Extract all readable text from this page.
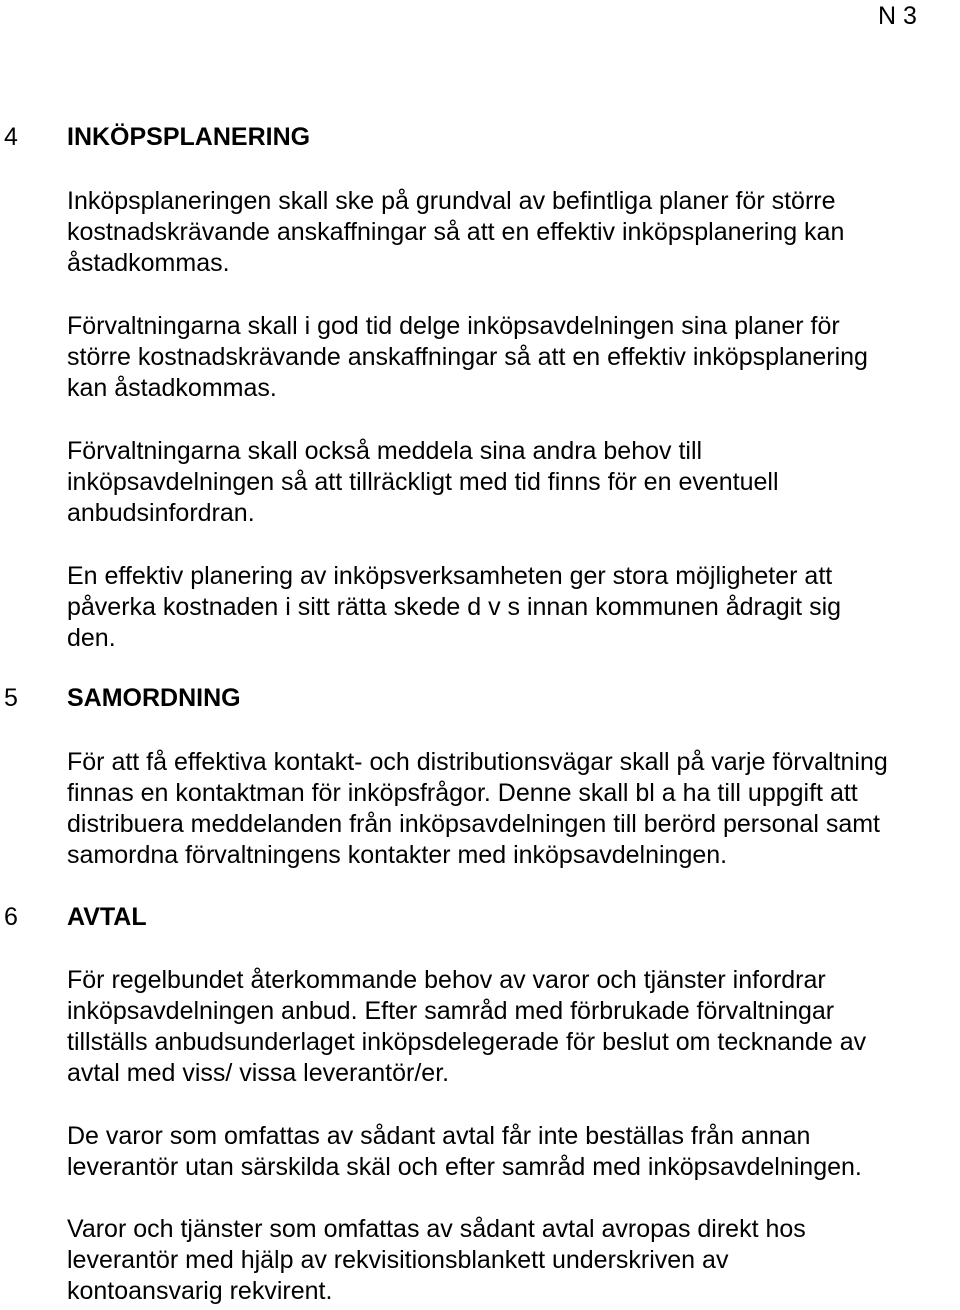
N 3
4 INKÖPSPLANERING
Inköpsplaneringen skall ske på grundval av befintliga planer för större
kostnadskrävande anskaffningar så att en effektiv inköpsplanering kan
åstadkommas.
Förvaltningarna skall i god tid delge inköpsavdelningen sina planer för
större kostnadskrävande anskaffningar så att en effektiv inköpsplanering
kan åstadkommas.
Förvaltningarna skall också meddela sina andra behov till
inköpsavdelningen så att tillräckligt med tid finns för en eventuell
anbudsinfordran.
En effektiv planering av inköpsverksamheten ger stora möjligheter att
påverka kostnaden i sitt rätta skede d v s innan kommunen ådragit sig
den.
5 SAMORDNING
För att få effektiva kontakt- och distributionsvägar skall på varje förvaltning
finnas en kontaktman för inköpsfrågor. Denne skall bl a ha till uppgift att
distribuera meddelanden från inköpsavdelningen till berörd personal samt
samordna förvaltningens kontakter med inköpsavdelningen.
6 AVTAL
För regelbundet återkommande behov av varor och tjänster infordrar
inköpsavdelningen anbud. Efter samråd med förbrukade förvaltningar
tillställs anbudsunderlaget inköpsdelegerade för beslut om tecknande av
avtal med viss/ vissa leverantör/er.
De varor som omfattas av sådant avtal får inte beställas från annan
leverantör utan särskilda skäl och efter samråd med inköpsavdelningen.
Varor och tjänster som omfattas av sådant avtal avropas direkt hos
leverantör med hjälp av rekvisitionsblankett underskriven av
kontoansvarig rekvirent.
